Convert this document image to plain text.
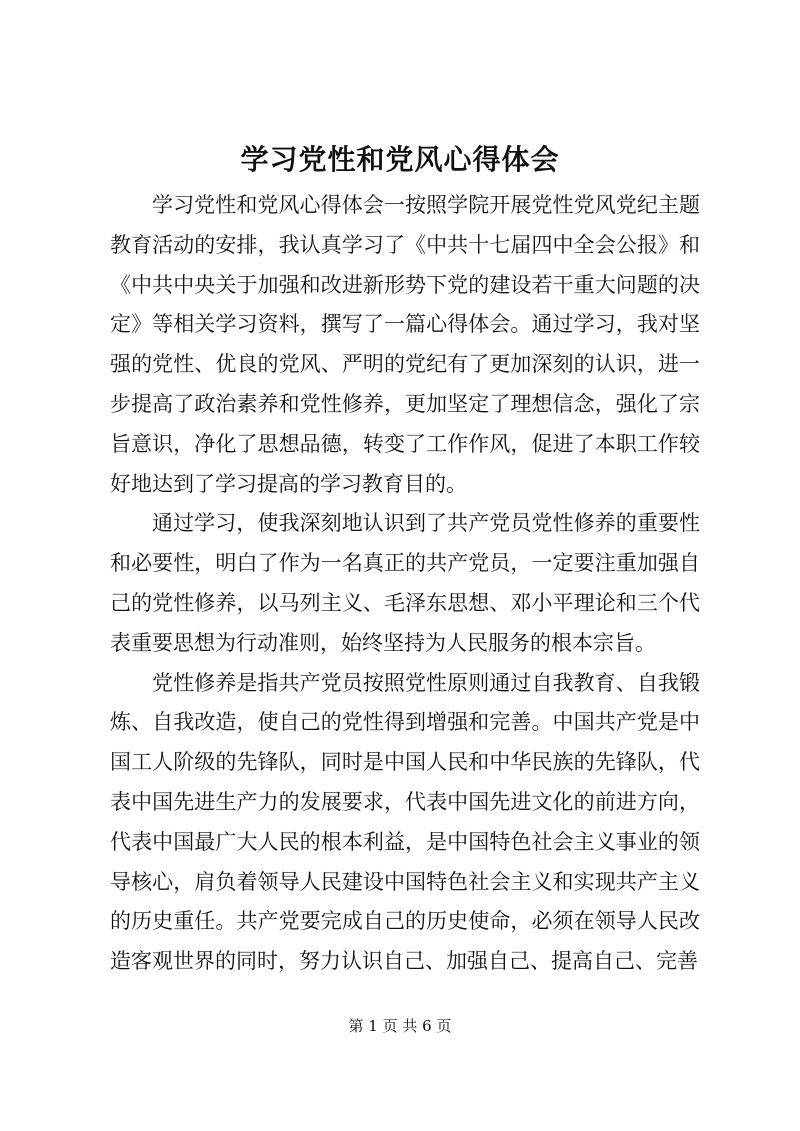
学习党性和党风心得体会

学习党性和党风心得体会一按照学院开展党性党风党纪主题教育活动的安排，我认真学习了《中共十七届四中全会公报》和《中共中央关于加强和改进新形势下党的建设若干重大问题的决定》等相关学习资料，撰写了一篇心得体会。通过学习，我对坚强的党性、优良的党风、严明的党纪有了更加深刻的认识，进一步提高了政治素养和党性修养，更加坚定了理想信念，强化了宗旨意识，净化了思想品德，转变了工作作风，促进了本职工作较好地达到了学习提高的学习教育目的。

通过学习，使我深刻地认识到了共产党员党性修养的重要性和必要性，明白了作为一名真正的共产党员，一定要注重加强自己的党性修养，以马列主义、毛泽东思想、邓小平理论和三个代表重要思想为行动准则，始终坚持为人民服务的根本宗旨。

党性修养是指共产党员按照党性原则通过自我教育、自我锻炼、自我改造，使自己的党性得到增强和完善。中国共产党是中国工人阶级的先锋队，同时是中国人民和中华民族的先锋队，代表中国先进生产力的发展要求，代表中国先进文化的前进方向，代表中国最广大人民的根本利益，是中国特色社会主义事业的领导核心，肩负着领导人民建设中国特色社会主义和实现共产主义的历史重任。共产党要完成自己的历史使命，必须在领导人民改造客观世界的同时，努力认识自己、加强自己、提高自己、完善

第 1 页 共 6 页
